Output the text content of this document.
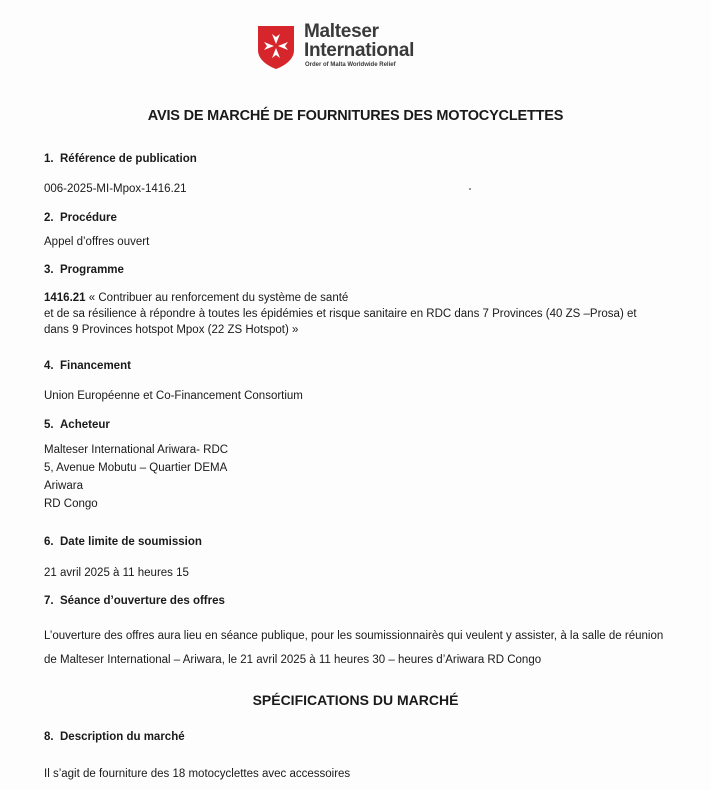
Malteser
International
Order of Malta Worldwide Relief
AVIS DE MARCHÉ DE FOURNITURES DES MOTOCYCLETTES
1. Référence de publication
006-2025-MI-Mpox-1416.21
2. Procédure
Appel d’offres ouvert
3. Programme
1416.21 « Contribuer au renforcement du système de santé
et de sa résilience à répondre à toutes les épidémies et risque sanitaire en RDC dans 7 Provinces (40 ZS –Prosa) et
dans 9 Provinces hotspot Mpox (22 ZS Hotspot) »
4. Financement
Union Européenne et Co-Financement Consortium
5. Acheteur
Malteser International Ariwara- RDC
5, Avenue Mobutu – Quartier DEMA
Ariwara
RD Congo
6. Date limite de soumission
21 avril 2025 à 11 heures 15
7. Séance d’ouverture des offres
L’ouverture des offres aura lieu en séance publique, pour les soumissionnairès qui veulent y assister, à la salle de réunion
de Malteser International – Ariwara, le 21 avril 2025 à 11 heures 30 – heures d’Ariwara RD Congo
SPÉCIFICATIONS DU MARCHÉ
8. Description du marché
Il s’agit de fourniture des 18 motocyclettes avec accessoires
